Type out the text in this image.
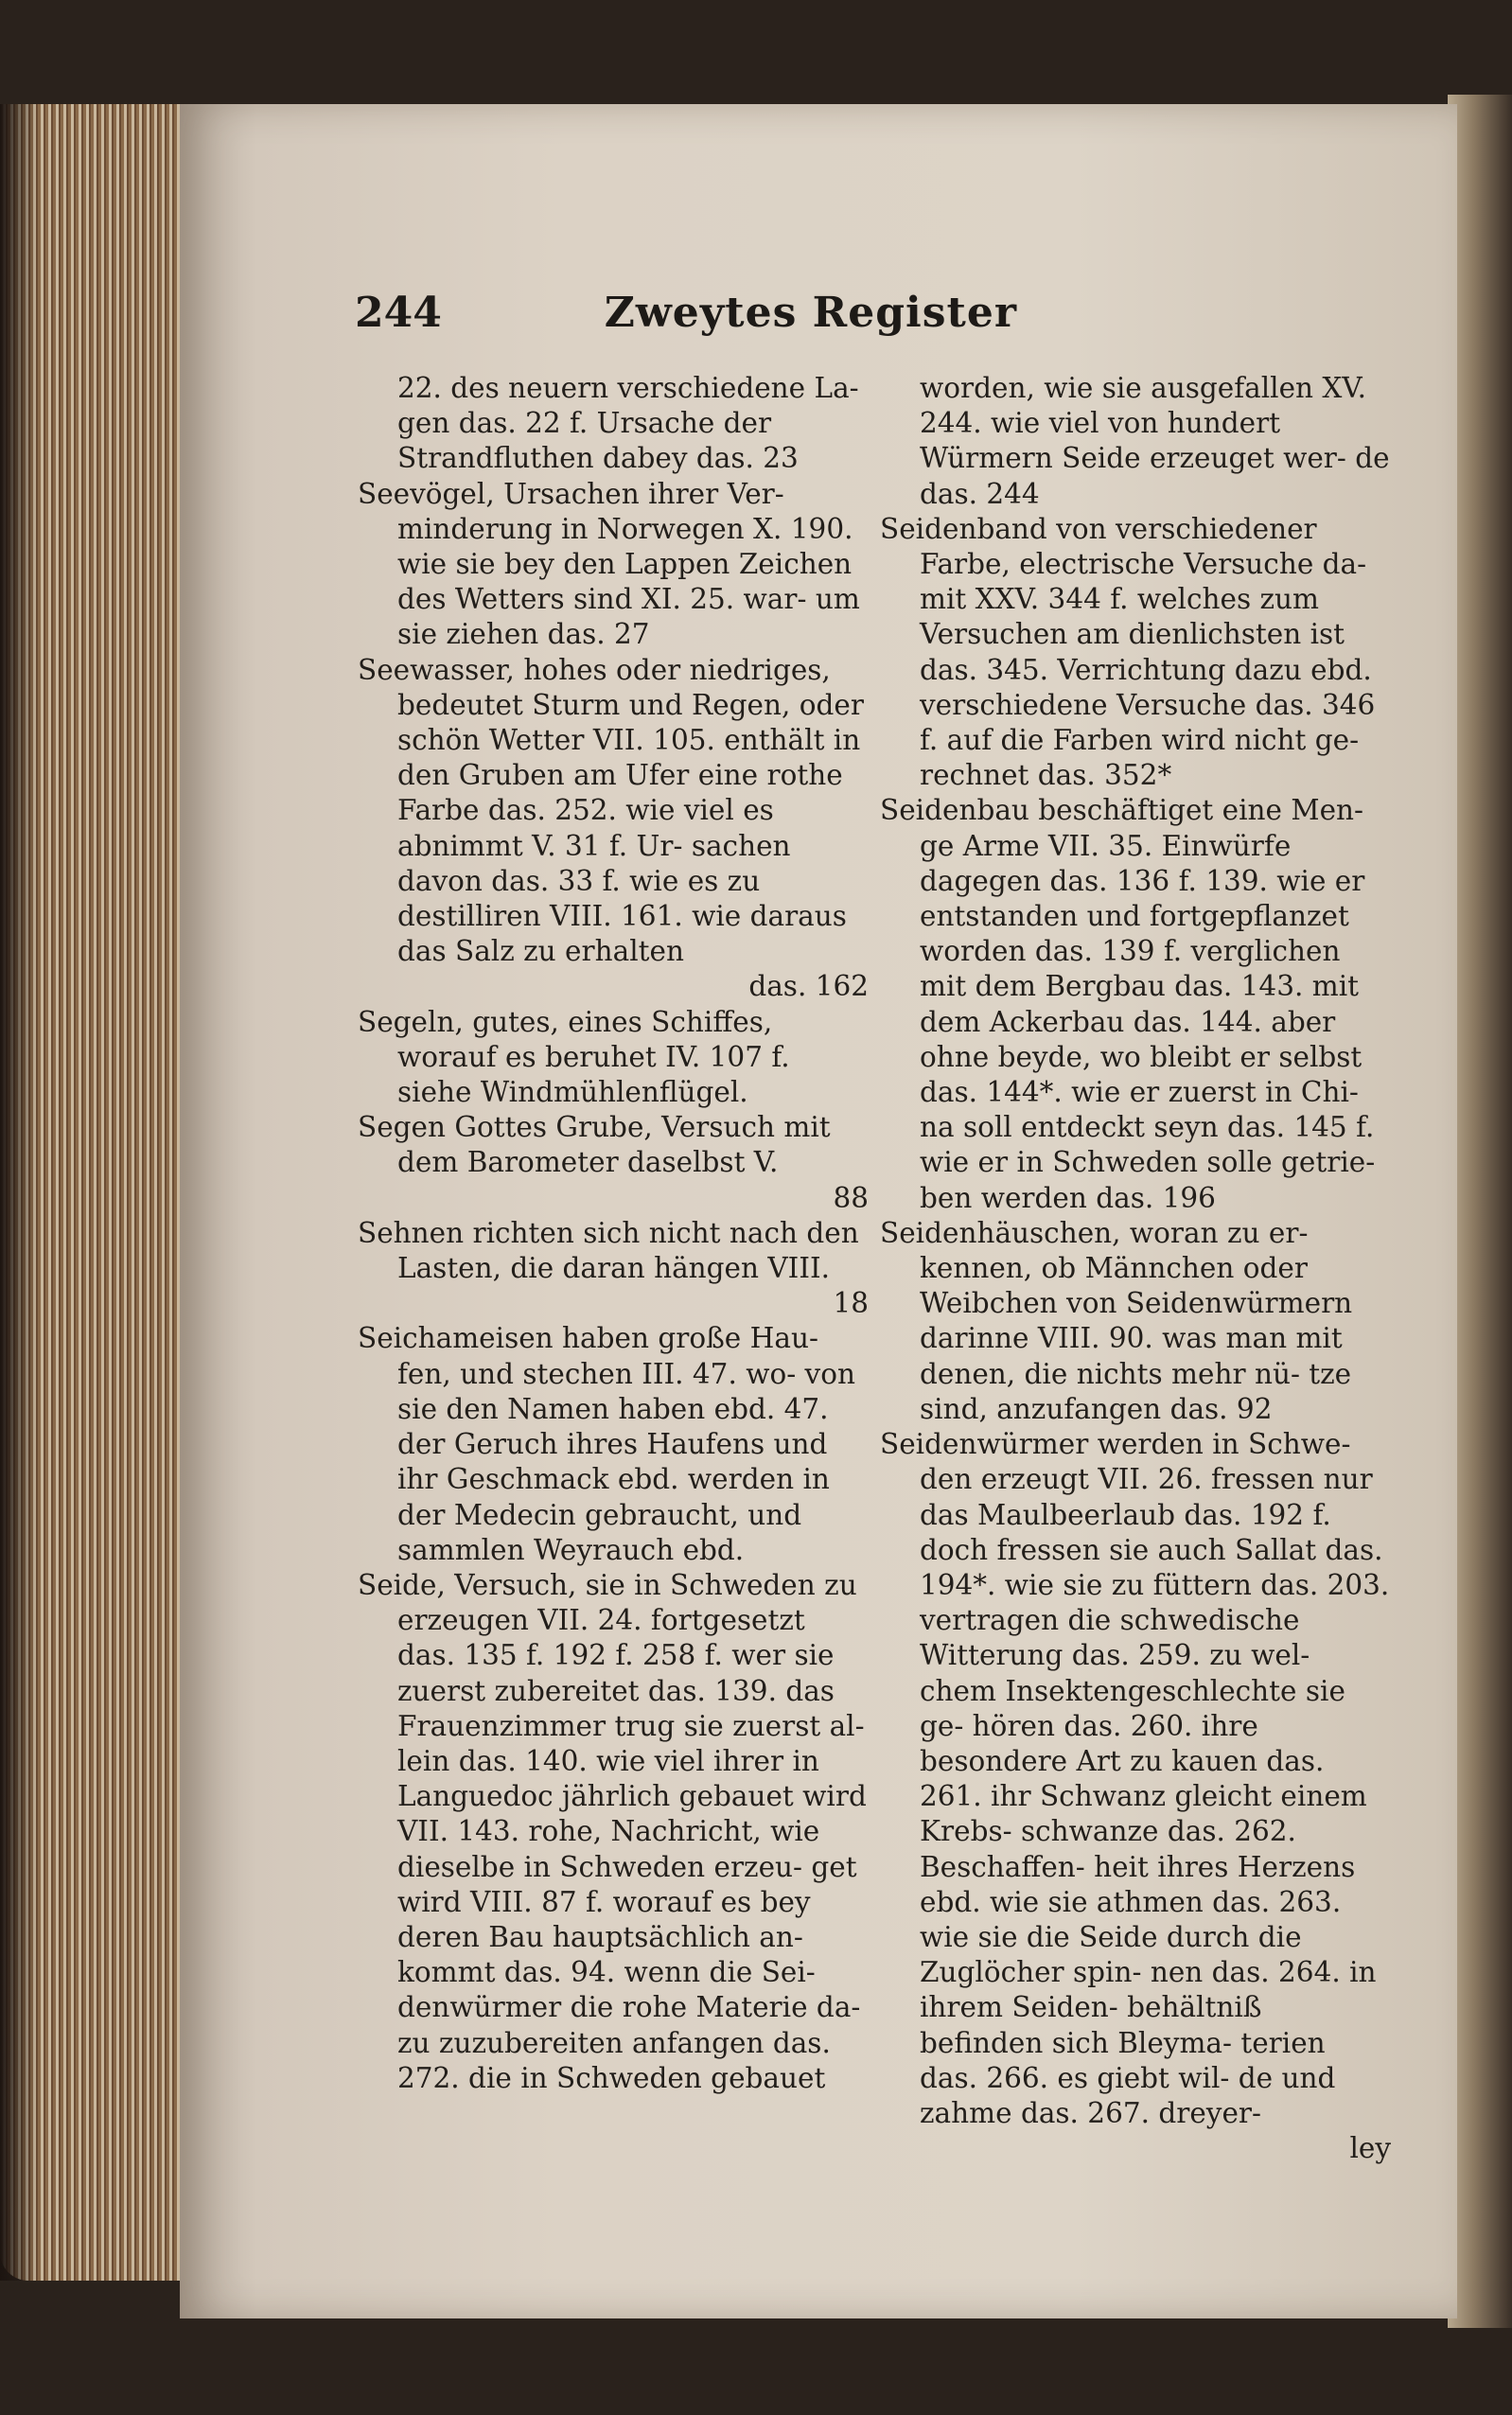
244	Zweytes Register
22. des neuern verschiedene La- gen das. 22 f. Ursache der Strandfluthen dabey das. 23
Seevögel, Ursachen ihrer Ver- minderung in Norwegen X. 190. wie sie bey den Lappen Zeichen des Wetters sind XI. 25. war- um sie ziehen das. 27
Seewasser, hohes oder niedriges, bedeutet Sturm und Regen, oder schön Wetter VII. 105. enthält in den Gruben am Ufer eine rothe Farbe das. 252. wie viel es abnimmt V. 31 f. Ur- sachen davon das. 33 f. wie es zu destilliren VIII. 161. wie daraus das Salz zu erhalten
das. 162
Segeln, gutes, eines Schiffes, worauf es beruhet IV. 107 f. siehe Windmühlenflügel.
Segen Gottes Grube, Versuch mit dem Barometer daselbst V.
88
Sehnen richten sich nicht nach den Lasten, die daran hängen VIII.
18
Seichameisen haben große Hau- fen, und stechen III. 47. wo- von sie den Namen haben ebd. 47. der Geruch ihres Haufens und ihr Geschmack ebd. werden in der Medecin gebraucht, und sammlen Weyrauch ebd.
Seide, Versuch, sie in Schweden zu erzeugen VII. 24. fortgesetzt das. 135 f. 192 f. 258 f. wer sie zuerst zubereitet das. 139. das Frauenzimmer trug sie zuerst al- lein das. 140. wie viel ihrer in Languedoc jährlich gebauet wird VII. 143. rohe, Nachricht, wie dieselbe in Schweden erzeu- get wird VIII. 87 f. worauf es bey deren Bau hauptsächlich an- kommt das. 94. wenn die Sei- denwürmer die rohe Materie da- zu zuzubereiten anfangen das. 272. die in Schweden gebauet
worden, wie sie ausgefallen XV. 244. wie viel von hundert Würmern Seide erzeuget wer- de das. 244
Seidenband von verschiedener Farbe, electrische Versuche da- mit XXV. 344 f. welches zum Versuchen am dienlichsten ist das. 345. Verrichtung dazu ebd. verschiedene Versuche das. 346 f. auf die Farben wird nicht ge- rechnet das. 352*
Seidenbau beschäftiget eine Men- ge Arme VII. 35. Einwürfe dagegen das. 136 f. 139. wie er entstanden und fortgepflanzet worden das. 139 f. verglichen mit dem Bergbau das. 143. mit dem Ackerbau das. 144. aber ohne beyde, wo bleibt er selbst das. 144*. wie er zuerst in Chi- na soll entdeckt seyn das. 145 f. wie er in Schweden solle getrie- ben werden das. 196
Seidenhäuschen, woran zu er- kennen, ob Männchen oder Weibchen von Seidenwürmern darinne VIII. 90. was man mit denen, die nichts mehr nü- tze sind, anzufangen das. 92
Seidenwürmer werden in Schwe- den erzeugt VII. 26. fressen nur das Maulbeerlaub das. 192 f. doch fressen sie auch Sallat das. 194*. wie sie zu füttern das. 203. vertragen die schwedische Witterung das. 259. zu wel- chem Insektengeschlechte sie ge- hören das. 260. ihre besondere Art zu kauen das. 261. ihr Schwanz gleicht einem Krebs- schwanze das. 262. Beschaffen- heit ihres Herzens ebd. wie sie athmen das. 263. wie sie die Seide durch die Zuglöcher spin- nen das. 264. in ihrem Seiden- behältniß befinden sich Bleyma- terien das. 266. es giebt wil- de und zahme das. 267. dreyer-
ley
